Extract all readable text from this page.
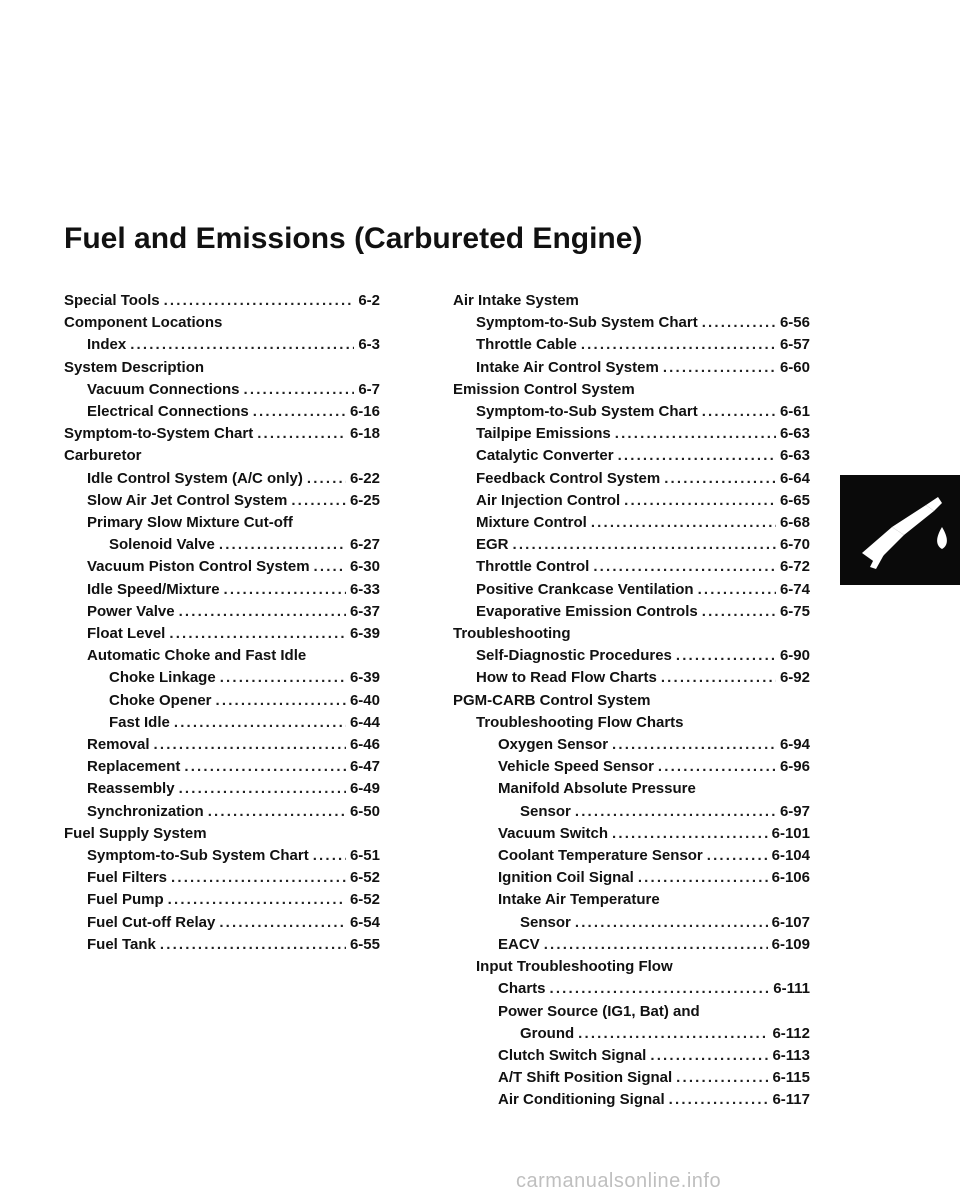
Fuel and Emissions (Carbureted Engine)
Special Tools . . .	6-2
Component Locations
Index . . .	6-3
System Description
Vacuum Connections . . .	6-7
Electrical Connections . . .	6-16
Symptom-to-System Chart . . .	6-18
Carburetor
Idle Control System (A/C only) . . .	6-22
Slow Air Jet Control System . . .	6-25
Primary Slow Mixture Cut-off
Solenoid Valve . . .	6-27
Vacuum Piston Control System . . .	6-30
Idle Speed/Mixture . . .	6-33
Power Valve . . .	6-37
Float Level . . .	6-39
Automatic Choke and Fast Idle
Choke Linkage . . .	6-39
Choke Opener . . .	6-40
Fast Idle . . .	6-44
Removal . . .	6-46
Replacement . . .	6-47
Reassembly . . .	6-49
Synchronization . . .	6-50
Fuel Supply System
Symptom-to-Sub System Chart . . .	6-51
Fuel Filters . . .	6-52
Fuel Pump . . .	6-52
Fuel Cut-off Relay . . .	6-54
Fuel Tank . . .	6-55
Air Intake System
Symptom-to-Sub System Chart . . .	6-56
Throttle Cable . . .	6-57
Intake Air Control System . . .	6-60
Emission Control System
Symptom-to-Sub System Chart . . .	6-61
Tailpipe Emissions . . .	6-63
Catalytic Converter . . .	6-63
Feedback Control System . . .	6-64
Air Injection Control . . .	6-65
Mixture Control . . .	6-68
EGR . . .	6-70
Throttle Control . . .	6-72
Positive Crankcase Ventilation . . .	6-74
Evaporative Emission Controls . . .	6-75
Troubleshooting
Self-Diagnostic Procedures . . .	6-90
How to Read Flow Charts . . .	6-92
PGM-CARB Control System
Troubleshooting Flow Charts
Oxygen Sensor . . .	6-94
Vehicle Speed Sensor . . .	6-96
Manifold Absolute Pressure
Sensor . . .	6-97
Vacuum Switch . . .	6-101
Coolant Temperature Sensor . . .	6-104
Ignition Coil Signal . . .	6-106
Intake Air Temperature
Sensor . . .	6-107
EACV . . .	6-109
Input Troubleshooting Flow
Charts . . .	6-111
Power Source (IG1, Bat) and
Ground . . .	6-112
Clutch Switch Signal . . .	6-113
A/T Shift Position Signal . . .	6-115
Air Conditioning Signal . . .	6-117
carmanualsonline.info
